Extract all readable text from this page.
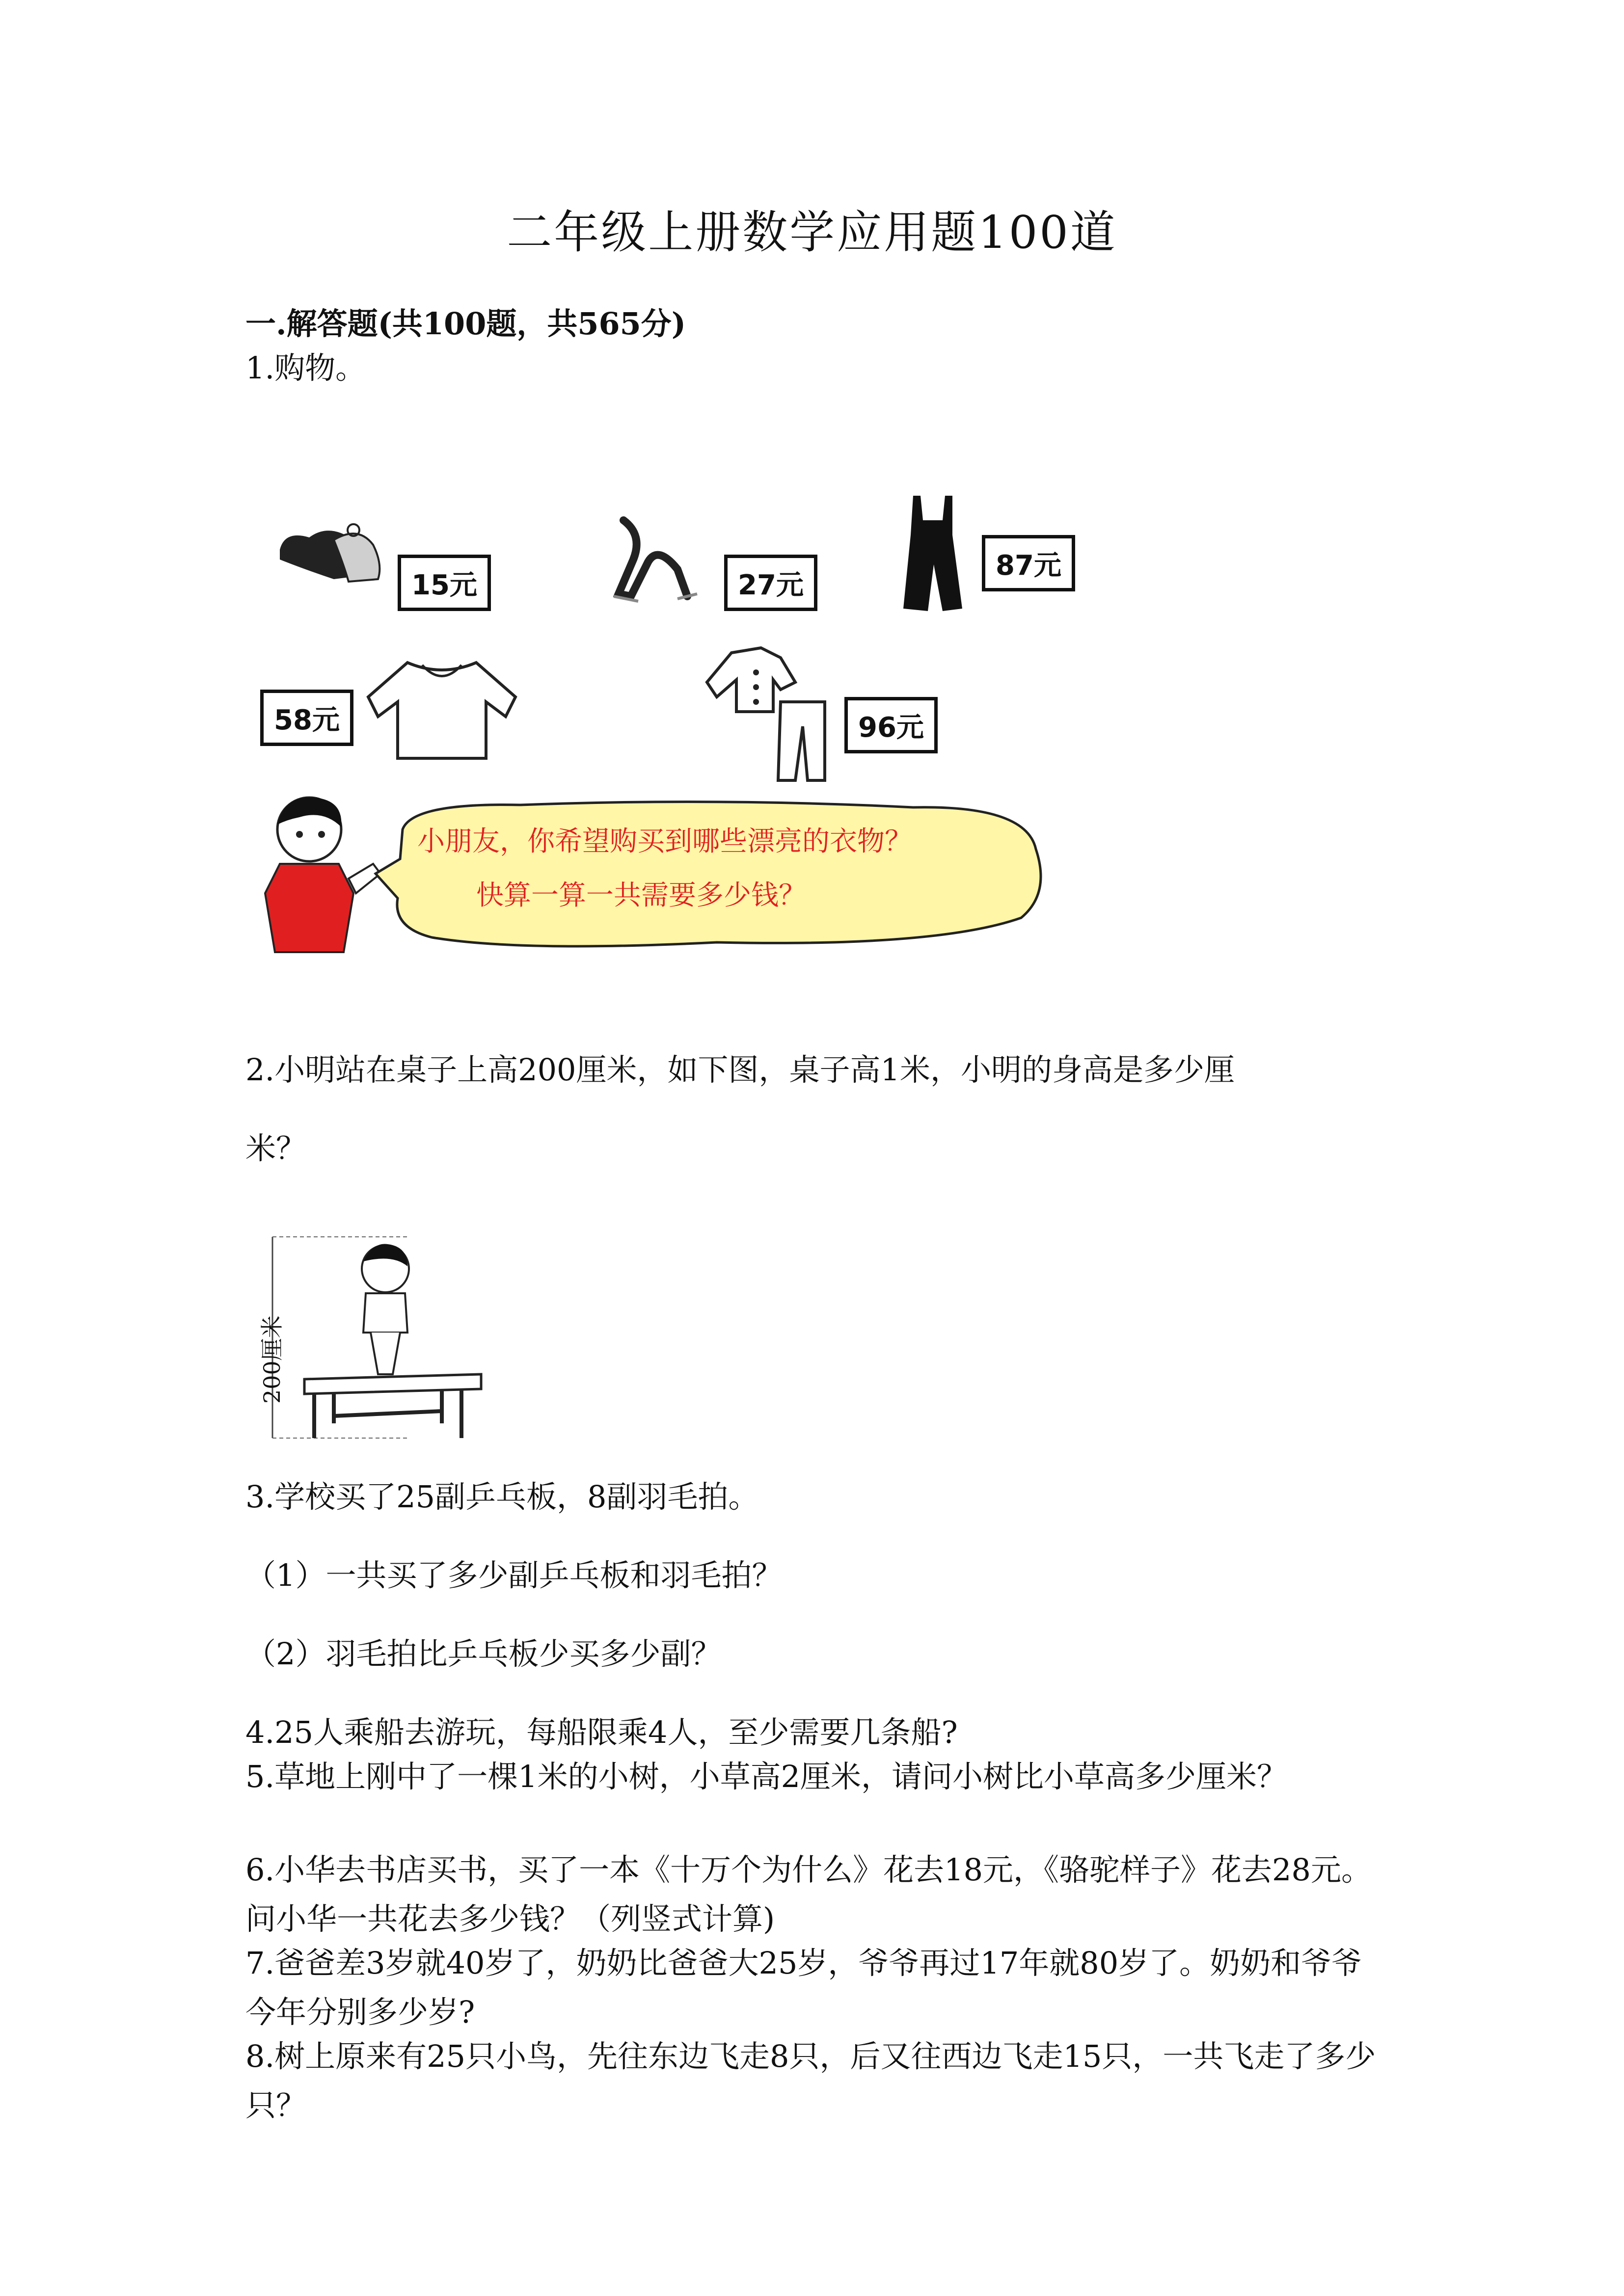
二年级上册数学应用题100道
一.解答题(共100题，共565分)
1.购物。
15元	27元
87元
58元	96元
小朋友，你希望购买到哪些漂亮的衣物？
快算一算一共需要多少钱？
2.小明站在桌子上高200厘米，如下图，桌子高1米，小明的身高是多少厘
米？
200厘米
3.学校买了25副乒乓板，8副羽毛拍。
（1）一共买了多少副乒乓板和羽毛拍？
（2）羽毛拍比乒乓板少买多少副？
4.25人乘船去游玩，每船限乘4人，至少需要几条船?
5.草地上刚中了一棵1米的小树，小草高2厘米，请问小树比小草高多少厘米？
6.小华去书店买书，买了一本《十万个为什么》花去18元，《骆驼样子》花去28元。问小华一共花去多少钱？（列竖式计算)
7.爸爸差3岁就40岁了，奶奶比爸爸大25岁，爷爷再过17年就80岁了。奶奶和爷爷今年分别多少岁?
8.树上原来有25只小鸟，先往东边飞走8只，后又往西边飞走15只，一共飞走了多少只？
